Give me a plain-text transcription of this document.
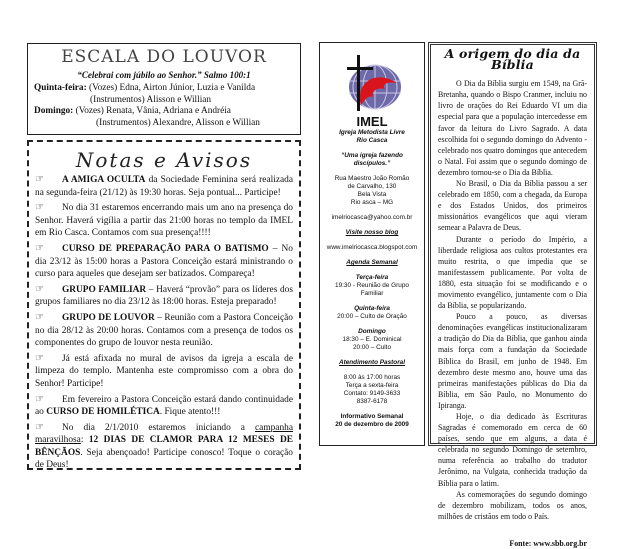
ESCALA DO LOUVOR
“Celebrai com júbilo ao Senhor.” Salmo 100:1
Quinta-feira: (Vozes) Edna, Airton Júnior, Luzia e Vanilda
(Instrumentos) Alisson e Willian
Domingo: (Vozes) Renata, Vânia, Adriana e Andréia
(Instrumentos) Alexandre, Alisson e Willian
Notas e Avisos

☞ A AMIGA OCULTA da Sociedade Feminina será realizada na segunda-feira (21/12) às 19:30 horas. Seja pontual... Participe!

☞ No dia 31 estaremos encerrando mais um ano na presença do Senhor. Haverá vigília a partir das 21:00 horas no templo da IMEL em Rio Casca. Contamos com sua presença!!!!

☞ CURSO DE PREPARAÇÃO PARA O BATISMO – No dia 23/12 às 15:00 horas a Pastora Conceição estará ministrando o curso para aqueles que desejam ser batizados. Compareça!

☞ GRUPO FAMILIAR – Haverá “provão” para os líderes dos grupos familiares no dia 23/12 às 18:00 horas. Esteja preparado!

☞ GRUPO DE LOUVOR – Reunião com a Pastora Conceição no dia 28/12 às 20:00 horas. Contamos com a presença de todos os componentes do grupo de louvor nesta reunião.

☞ Já está afixada no mural de avisos da igreja a escala de limpeza do templo. Mantenha este compromisso com a obra do Senhor! Participe!

☞ Em fevereiro a Pastora Conceição estará dando continuidade ao CURSO DE HOMILÉTICA. Fique atento!!!

☞ No dia 2/1/2010 estaremos iniciando a campanha maravilhosa: 12 DIAS DE CLAMOR PARA 12 MESES DE BÊNÇÃOS. Seja abençoado! Participe conosco! Toque o coração de Deus!

IMEL
Igreja Metodista Livre
Rio Casca
“Uma igreja fazendo discípulos.”
Rua Maestro João Romão
de Carvalho, 130
Bela Vista
Rio asca – MG
imelriocasca@yahoo.com.br
Visite nosso blog
www.imelriocasca.blogspot.com
Agenda Semanal
Terça-feira
19:30 - Reunião de Grupo
Familiar
Quinta-feira
20:00 – Culto de Oração
Domingo
18:30 – E. Dominical
20:00 – Culto
Atendimento Pastoral
8:00 às 17:00 horas
Terça a sexta-feira
Contato: 9149-3633
8387-6178
Informativo Semanal
20 de dezembro de 2009
A origem do dia da Bíblia

O Dia da Bíblia surgiu em 1549, na Grã-Bretanha, quando o Bispo Cranmer, incluiu no livro de orações do Rei Eduardo VI um dia especial para que a população intercedesse em favor da leitura do Livro Sagrado. A data escolhida foi o segundo domingo do Advento - celebrado nos quatro domingos que antecedem o Natal. Foi assim que o segundo domingo de dezembro tornou-se o Dia da Bíblia.

No Brasil, o Dia da Bíblia passou a ser celebrado em 1850, com a chegada, da Europa e dos Estados Unidos, dos primeiros missionários evangélicos que aqui vieram semear a Palavra de Deus.

Durante o período do Império, a liberdade religiosa aos cultos protestantes era muito restrita, o que impedia que se manifestassem publicamente. Por volta de 1880, esta situação foi se modificando e o movimento evangélico, juntamente com o Dia da Bíblia, se popularizando.

Pouco a pouco, as diversas denominações evangélicas institucionalizaram a tradição do Dia da Bíblia, que ganhou ainda mais força com a fundação da Sociedade Bíblica do Brasil, em junho de 1948. Em dezembro deste mesmo ano, houve uma das primeiras manifestações públicas do Dia da Bíblia, em São Paulo, no Monumento do Ipiranga.

Hoje, o dia dedicado às Escrituras Sagradas é comemorado em cerca de 60 países, sendo que em alguns, a data é celebrada no segundo Domingo de setembro, numa referência ao trabalho do tradutor Jerônimo, na Vulgata, conhecida tradução da Bíblia para o latim.

As comemorações do segundo domingo de dezembro mobilizam, todos os anos, milhões de cristãos em todo o País.

Fonte: www.sbb.org.br
